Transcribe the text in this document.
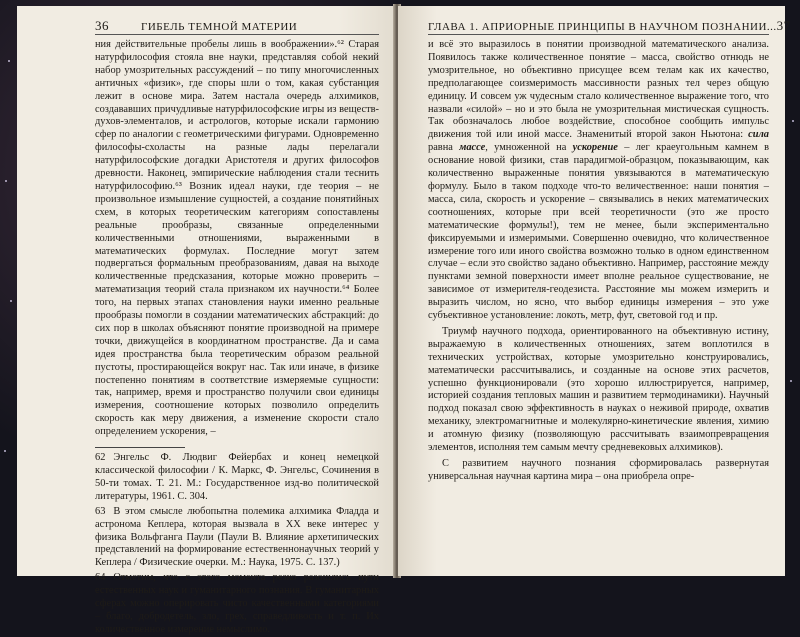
36	ГИБЕЛЬ ТЕМНОЙ МАТЕРИИ

ния действительные пробелы лишь в воображении».⁶² Старая натурфилософия стояла вне науки, представляя собой некий набор умозрительных рассуждений – по типу многочисленных античных «физик», где споры шли о том, какая субстанция лежит в основе мира. Затем настала очередь алхимиков, создававших причудливые натурфилософские игры из веществ-духов-элементалов, и астрологов, которые искали гармонию сфер по аналогии с геометрическими фигурами. Одновременно философы-схоласты на разные лады перелагали натурфилософские догадки Аристотеля и других философов древности. Наконец, эмпирические наблюдения стали теснить натурфилософию.⁶³ Возник идеал науки, где теория – не произвольное измышление сущностей, а создание понятийных схем, в которых теоретическим категориям сопоставлены реальные прообразы, связанные определенными количественными отношениями, выраженными в математических формулах. Последние могут затем подвергаться формальным преобразованиям, давая на выходе количественные предсказания, которые можно проверить – математизация теорий стала признаком их научности.⁶⁴ Более того, на первых этапах становления науки именно реальные прообразы помогли в создании математических абстракций: до сих пор в школах объясняют понятие производной на примере точки, движущейся в координатном пространстве. Да и сама идея пространства была теоретическим образом реальной пустоты, простирающейся вокруг нас. Так или иначе, в физике постепенно понятиям в соответствие измеряемые сущности: так, например, время и пространство получили свои единицы измерения, соотношение которых позволило определить скорость как меру движения, а изменение скорости стало определением ускорения, –

62 Энгельс Ф. Людвиг Фейербах и конец немецкой классической философии / К. Маркс, Ф. Энгельс, Сочинения в 50-ти томах. Т. 21. М.: Государственное изд-во политической литературы, 1961. С. 304.

63 В этом смысле любопытна полемика алхимика Фладда и астронома Кеплера, которая вызвала в XX веке интерес у физика Вольфганга Паули (Паули В. Влияние архетипических представлений на формирование естественнонаучных теорий у Кеплера / Физические очерки. М.: Наука, 1975. С. 137.)

64 Отметим, что с этого момента резко разошлись пути естественных наук и гуманитарного познания. В гуманитарных сферах можно оперировать чисто качественными категориями – благо, добродетель, зло, грех, справедливость и т. п. Их количественное измерение немыслимо.

ГЛАВА 1. АПРИОРНЫЕ ПРИНЦИПЫ В НАУЧНОМ ПОЗНАНИИ... 37

и всё это выразилось в понятии производной математического анализа. Появилось также количественное понятие – масса, свойство отнюдь не умозрительное, но объективно присущее всем телам как их качество, предполагающее соизмеримость массивности разных тел через общую единицу. И совсем уж чудесным стало количественное выражение того, что назвали «силой» – но и это была не умозрительная мистическая сущность. Так обозначалось любое воздействие, способное сообщить импульс движения той или иной массе. Знаменитый второй закон Ньютона: сила равна массе, умноженной на ускорение – лег краеугольным камнем в основание новой физики, став парадигмой-образцом, показывающим, как количественно выраженные понятия увязываются в математическую формулу. Было в таком подходе что-то величественное: наши понятия – масса, сила, скорость и ускорение – связывались в неких математических соотношениях, которые при всей теоретичности (это же просто математические формулы!), тем не менее, были экспериментально фиксируемыми и измеримыми. Совершенно очевидно, что количественное измерение того или иного свойства возможно только в одном единственном случае – если это свойство задано объективно. Например, расстояние между пунктами земной поверхности имеет вполне реальное существование, не зависимое от измерителя-геодезиста. Расстояние мы можем измерить и выразить числом, но ясно, что выбор единицы измерения – это уже субъективное установление: локоть, метр, фут, световой год и пр.

Триумф научного подхода, ориентированного на объективную истину, выражаемую в количественных отношениях, затем воплотился в технических устройствах, которые умозрительно конструировались, математически рассчитывались, и созданные на основе этих расчетов, успешно функционировали (это хорошо иллюстрируется, например, историей создания тепловых машин и развитием термодинамики). Научный подход показал свою эффективность в науках о неживой природе, охватив механику, электромагнитные и молекулярно-кинетические явления, химию и атомную физику (позволяющую рассчитывать взаимопревращения элементов, исполняя тем самым мечту средневековых алхимиков).

С развитием научного познания сформировалась развернутая универсальная научная картина мира – она приобрела опре-
